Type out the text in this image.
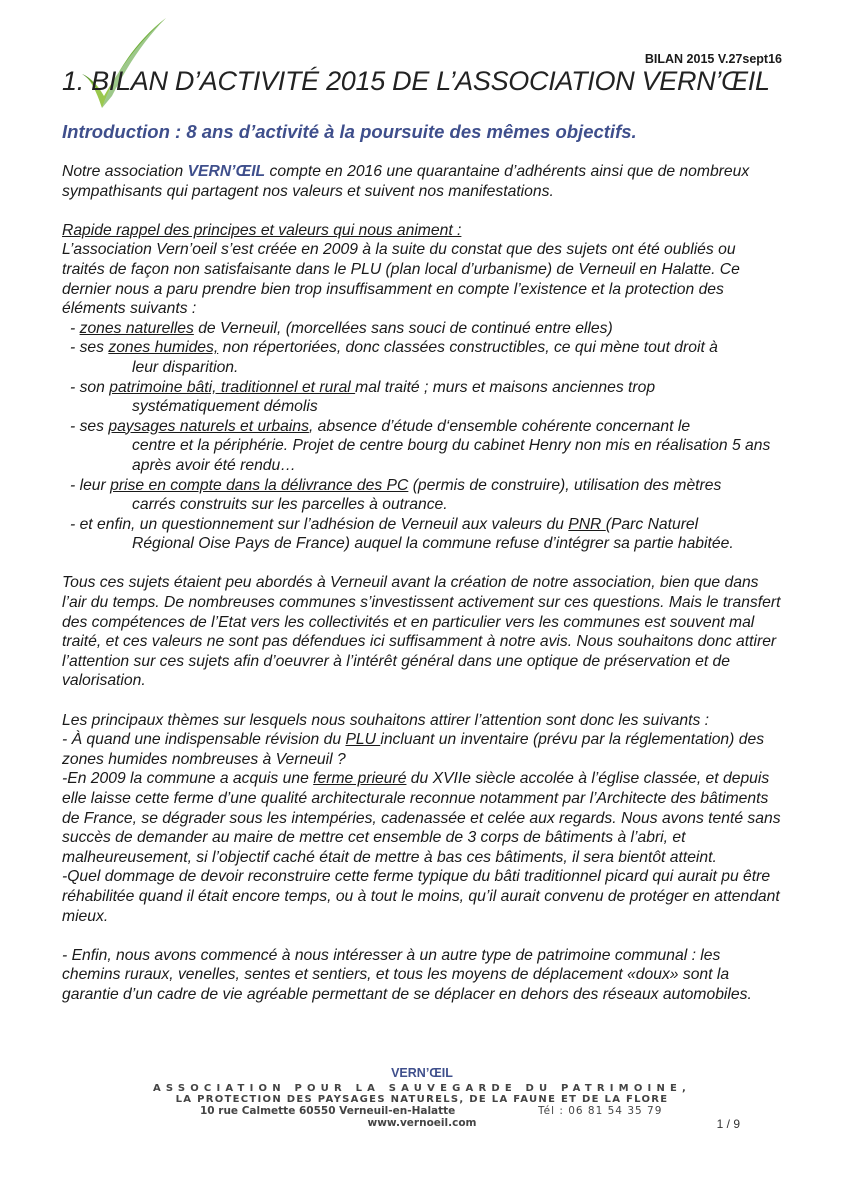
BILAN 2015 V.27sept16
1. BILAN D’ACTIVITÉ 2015 DE L’ASSOCIATION VERN’ŒIL
Introduction : 8 ans d’activité à la poursuite des mêmes objectifs.

Notre association VERN’ŒIL compte en 2016 une quarantaine d’adhérents ainsi que de nombreux sympathisants qui partagent nos valeurs et suivent nos manifestations.

Rapide rappel des principes et valeurs qui nous animent :

L’association Vern’oeil s’est créée en 2009 à la suite du constat que des sujets ont été oubliés ou traités de façon non satisfaisante dans le PLU (plan local d’urbanisme) de Verneuil en Halatte. Ce dernier nous a paru prendre bien trop insuffisamment en compte l’existence et la protection des éléments suivants :

- zones naturelles de Verneuil, (morcellées sans souci de continué entre elles)
- ses zones humides, non répertoriées, donc classées constructibles, ce qui mène tout droit à
leur disparition.
- son patrimoine bâti, traditionnel et rural mal traité ; murs et maisons anciennes trop
systématiquement démolis
- ses paysages naturels et urbains, absence d’étude d‘ensemble cohérente concernant le
centre et la périphérie. Projet de centre bourg du cabinet Henry non mis en réalisation 5 ans après avoir été rendu…
- leur prise en compte dans la délivrance des PC (permis de construire), utilisation des mètres
carrés construits sur les parcelles à outrance.
- et enfin, un questionnement sur l’adhésion de Verneuil aux valeurs du PNR (Parc Naturel
Régional Oise Pays de France) auquel la commune refuse d’intégrer sa partie habitée.

Tous ces sujets étaient peu abordés à Verneuil avant la création de notre association, bien que dans l’air du temps. De nombreuses communes s’investissent activement sur ces questions. Mais le transfert des compétences de l’Etat vers les collectivités et en particulier vers les communes est souvent mal traité, et ces valeurs ne sont pas défendues ici suffisamment à notre avis. Nous souhaitons donc attirer l’attention sur ces sujets afin d’oeuvrer à l’intérêt général dans une optique de préservation et de valorisation.

Les principaux thèmes sur lesquels nous souhaitons attirer l’attention sont donc les suivants :

- À quand une indispensable révision du PLU incluant un inventaire (prévu par la réglementation) des zones humides nombreuses à Verneuil ?

-En 2009 la commune a acquis une ferme prieuré du XVIIe siècle accolée à l’église classée, et depuis elle laisse cette ferme d’une qualité architecturale reconnue notamment par l’Architecte des bâtiments de France, se dégrader sous les intempéries, cadenassée et celée aux regards. Nous avons tenté sans succès de demander au maire de mettre cet ensemble de 3 corps de bâtiments à l’abri, et malheureusement, si l’objectif caché était de mettre à bas ces bâtiments, il sera bientôt atteint.

-Quel dommage de devoir reconstruire cette ferme typique du bâti traditionnel picard qui aurait pu être réhabilitée quand il était encore temps, ou à tout le moins, qu’il aurait convenu de protéger en attendant mieux.

- Enfin, nous avons commencé à nous intéresser à un autre type de patrimoine communal : les chemins ruraux, venelles, sentes et sentiers, et tous les moyens de déplacement «doux» sont la garantie d’un cadre de vie agréable permettant de se déplacer en dehors des réseaux automobiles.

VERN’ŒIL
ASSOCIATION POUR LA SAUVEGARDE DU PATRIMOINE,
LA PROTECTION DES PAYSAGES NATURELS, DE LA FAUNE ET DE LA FLORE
10 rue Calmette 60550 Verneuil-en-Halatte	Tél : 06 81 54 35 79
www.vernoeil.com	1 / 9
